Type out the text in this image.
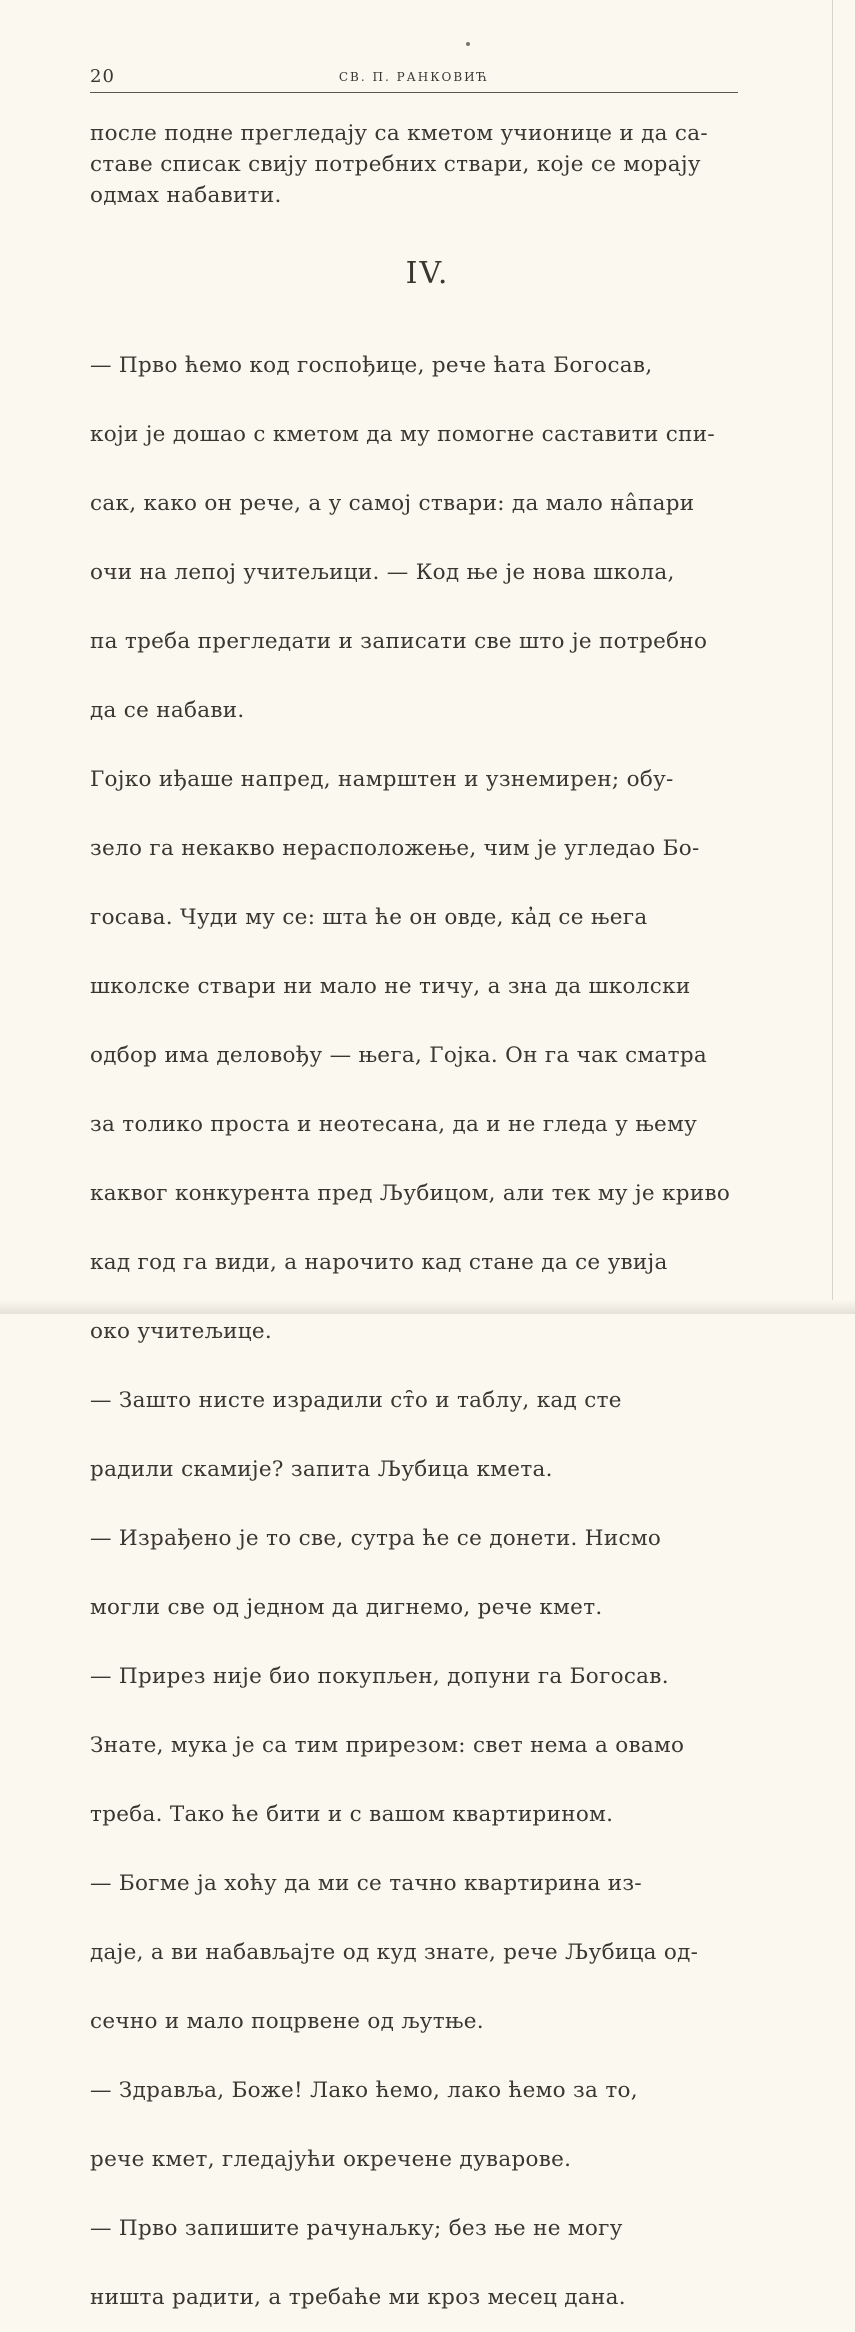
20	СВ. П. РАНКОВИЋ
после подне прегледају са кметом учионице и да са-
ставе списак свију потребних ствари, које се морају
одмах набавити.
IV.

— Прво ћемо код госпођице, рече ћата Богосав,

који је дошао с кметом да му помогне саставити спи-

сак, како он рече, а у самој ствари: да мало на̂пари

очи на лепој учитељици. — Код ње је нова школа,

па треба прегледати и записати све што је потребно

да се набави.

Гојко иђаше напред, намрштен и узнемирен; обу-

зело га некакво нерасположење, чим је угледао Бо-

госава. Чуди му се: шта ће он овде, ка̓д се њега

школске ствари ни мало не тичу, а зна да школски

одбор има деловођу — њега, Гојка. Он га чак сматра

за толико проста и неотесана, да и не гледа у њему

каквог конкурента пред Љубицом, али тек му је криво

кад год га види, а нарочито кад стане да се увија

око учитељице.

— Зашто нисте израдили ст̑о и таблу, кад сте

радили скамије? запита Љубица кмета.

— Израђено је то све, сутра ће се донети. Нисмо

могли све од једном да дигнемо, рече кмет.

— Прирез није био покупљен, допуни га Богосав.

Знате, мука је са тим прирезом: свет нема а овамо

треба. Тако ће бити и с вашом квартирином.

— Богме ја хоћу да ми се тачно квартирина из-

даје, а ви набављајте од куд знате, рече Љубица од-

сечно и мало поцрвене од љутње.

— Здравља, Боже! Лако ћемо, лако ћемо за то,

рече кмет, гледајући окречене дуварове.

— Прво запишите рачунаљку; без ње не могу

ништа радити, а требаће ми кроз месец дана.
